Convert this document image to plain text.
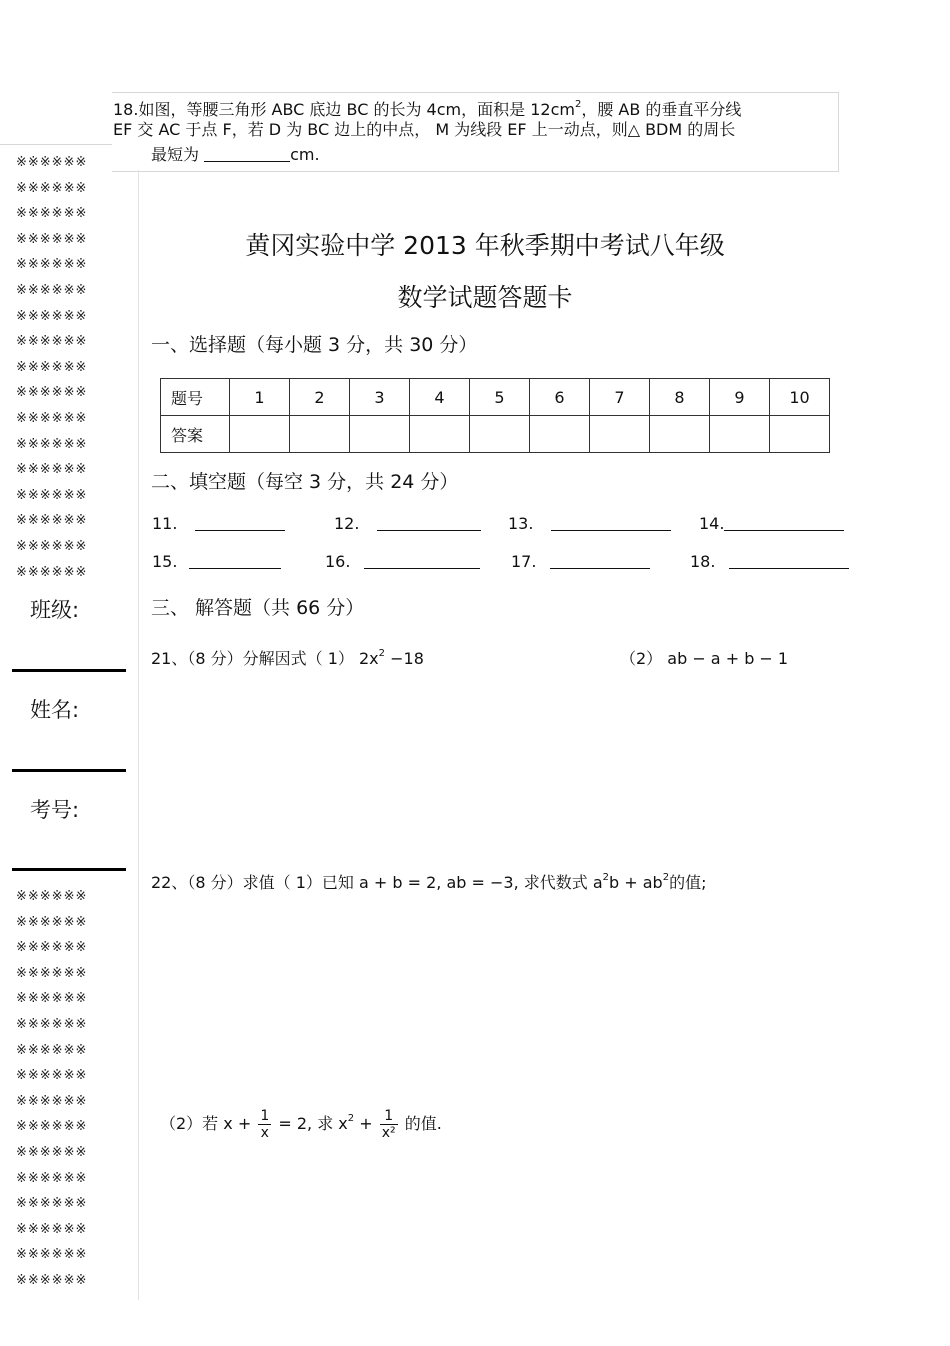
18.如图，等腰三角形 ABC 底边 BC 的长为 4cm，面积是 $12cm^2$，腰 AB 的垂直平分线
EF 交 AC 于点 F，若 D 为 BC 边上的中点， M 为线段 EF 上一动点，则△ BDM 的周长
最短为	cm.
※※※※※※
※※※※※※
※※※※※※
※※※※※※
※※※※※※
※※※※※※
※※※※※※
※※※※※※
※※※※※※
※※※※※※
※※※※※※
※※※※※※
※※※※※※
※※※※※※
※※※※※※
※※※※※※
※※※※※※
班级:
姓名:
考号:
※※※※※※
※※※※※※
※※※※※※
※※※※※※
※※※※※※
※※※※※※
※※※※※※
※※※※※※
※※※※※※
※※※※※※
※※※※※※
※※※※※※
※※※※※※
※※※※※※
※※※※※※
※※※※※※
黄冈实验中学 2013 年秋季期中考试八年级
数学试题答题卡
一、选择题（每小题 3 分，共 30 分）
题号	1	2	3	4	5	6	7	8	9	10
答案										
二、填空题（每空 3 分，共 24 分）
11.	12.	13.	14.
15.	16.	17.	18.
三、 解答题（共 66 分）
21、（8 分）分解因式（ 1） $2x^2 -18$	（2） ab − a + b − 1
22、（8 分）求值（ 1）已知 a + b = 2, ab = −3, 求代数式 $a^2b + ab^2$的值;
（2）若 $x + \frac{1}{x} = 2$, 求 $x^2 + \frac{1}{\text{x²}}$ 的值.
